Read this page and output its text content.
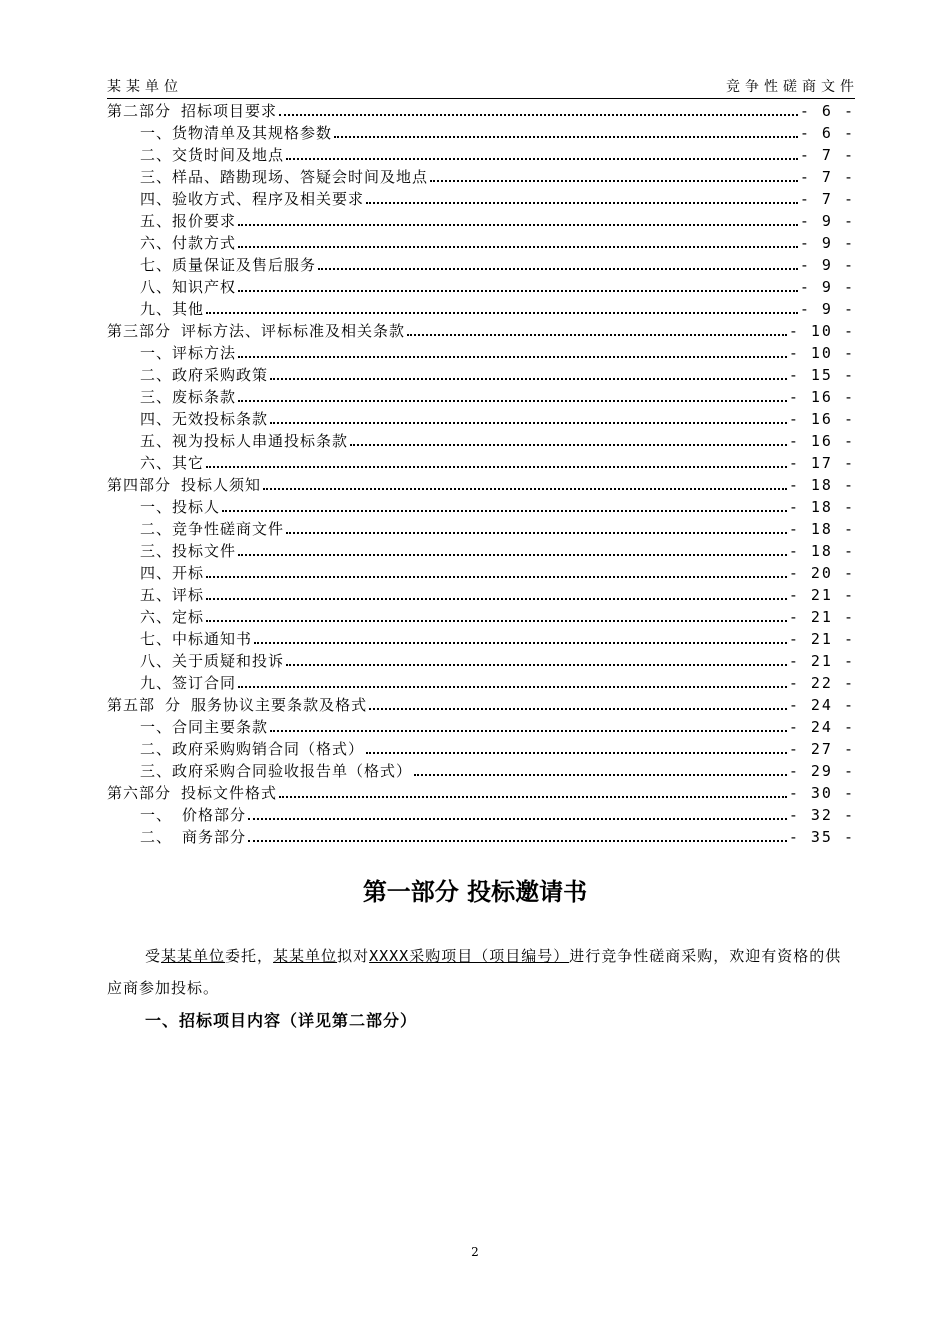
某某单位	竞争性磋商文件
第二部分 招标项目要求	- 6 -
一、货物清单及其规格参数	- 6 -
二、交货时间及地点	- 7 -
三、样品、踏勘现场、答疑会时间及地点	- 7 -
四、验收方式、程序及相关要求	- 7 -
五、报价要求	- 9 -
六、付款方式	- 9 -
七、质量保证及售后服务	- 9 -
八、知识产权	- 9 -
九、其他	- 9 -
第三部分 评标方法、评标标准及相关条款	- 10 -
一、评标方法	- 10 -
二、政府采购政策	- 15 -
三、废标条款	- 16 -
四、无效投标条款	- 16 -
五、视为投标人串通投标条款	- 16 -
六、其它	- 17 -
第四部分 投标人须知	- 18 -
一、投标人	- 18 -
二、竞争性磋商文件	- 18 -
三、投标文件	- 18 -
四、开标	- 20 -
五、评标	- 21 -
六、定标	- 21 -
七、中标通知书	- 21 -
八、关于质疑和投诉	- 21 -
九、签订合同	- 22 -
第五部 分 服务协议主要条款及格式	- 24 -
一、合同主要条款	- 24 -
二、政府采购购销合同（格式）	- 27 -
三、政府采购合同验收报告单（格式）	- 29 -
第六部分 投标文件格式	- 30 -
一、 价格部分	- 32 -
二、 商务部分	- 35 -
第一部分 投标邀请书
受某某单位委托，某某单位拟对XXXX采购项目（项目编号）进行竞争性磋商采购，欢迎有资格的供应商参加投标。
一、招标项目内容（详见第二部分）
2
